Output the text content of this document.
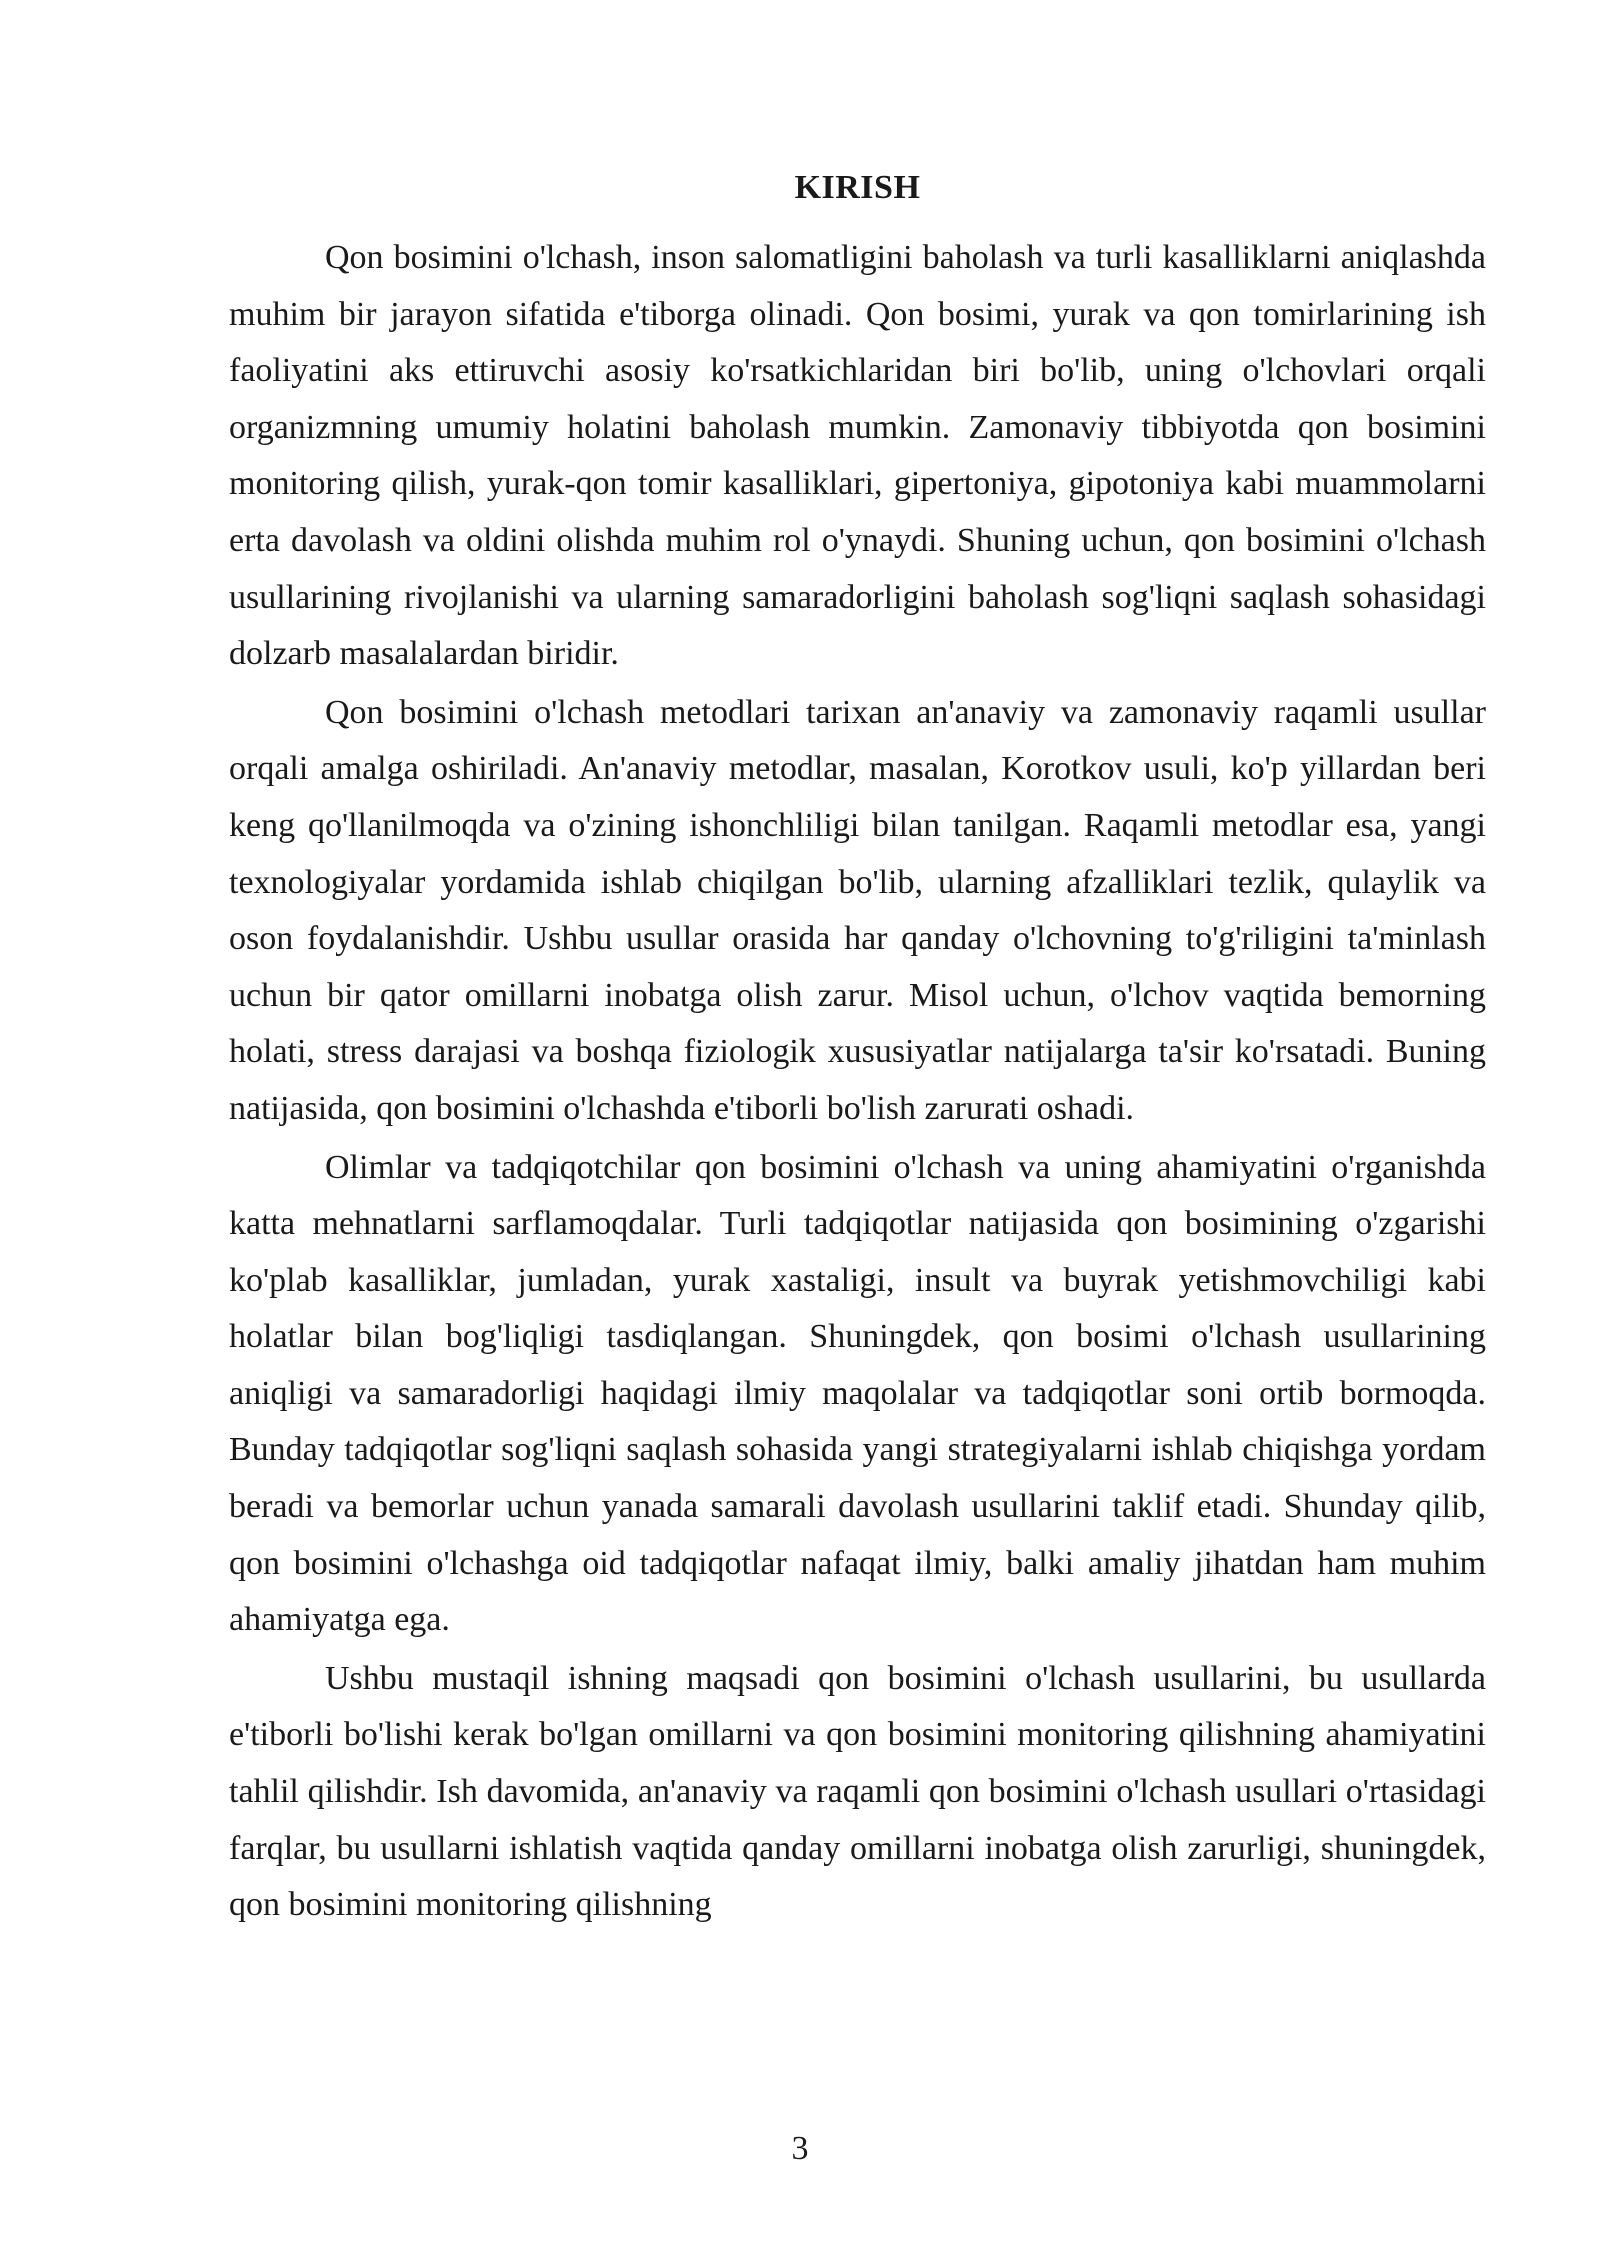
KIRISH

Qon bosimini o'lchash, inson salomatligini baholash va turli kasalliklarni aniqlashda muhim bir jarayon sifatida e'tiborga olinadi. Qon bosimi, yurak va qon tomirlarining ish faoliyatini aks ettiruvchi asosiy ko'rsatkichlaridan biri bo'lib, uning o'lchovlari orqali organizmning umumiy holatini baholash mumkin. Zamonaviy tibbiyotda qon bosimini monitoring qilish, yurak-qon tomir kasalliklari, gipertoniya, gipotoniya kabi muammolarni erta davolash va oldini olishda muhim rol o'ynaydi. Shuning uchun, qon bosimini o'lchash usullarining rivojlanishi va ularning samaradorligini baholash sog'liqni saqlash sohasidagi dolzarb masalalardan biridir.

Qon bosimini o'lchash metodlari tarixan an'anaviy va zamonaviy raqamli usullar orqali amalga oshiriladi. An'anaviy metodlar, masalan, Korotkov usuli, ko'p yillardan beri keng qo'llanilmoqda va o'zining ishonchliligi bilan tanilgan. Raqamli metodlar esa, yangi texnologiyalar yordamida ishlab chiqilgan bo'lib, ularning afzalliklari tezlik, qulaylik va oson foydalanishdir. Ushbu usullar orasida har qanday o'lchovning to'g'riligini ta'minlash uchun bir qator omillarni inobatga olish zarur. Misol uchun, o'lchov vaqtida bemorning holati, stress darajasi va boshqa fiziologik xususiyatlar natijalarga ta'sir ko'rsatadi. Buning natijasida, qon bosimini o'lchashda e'tiborli bo'lish zarurati oshadi.

Olimlar va tadqiqotchilar qon bosimini o'lchash va uning ahamiyatini o'rganishda katta mehnatlarni sarflamoqdalar. Turli tadqiqotlar natijasida qon bosimining o'zgarishi ko'plab kasalliklar, jumladan, yurak xastaligi, insult va buyrak yetishmovchiligi kabi holatlar bilan bog'liqligi tasdiqlangan. Shuningdek, qon bosimi o'lchash usullarining aniqligi va samaradorligi haqidagi ilmiy maqolalar va tadqiqotlar soni ortib bormoqda. Bunday tadqiqotlar sog'liqni saqlash sohasida yangi strategiyalarni ishlab chiqishga yordam beradi va bemorlar uchun yanada samarali davolash usullarini taklif etadi. Shunday qilib, qon bosimini o'lchashga oid tadqiqotlar nafaqat ilmiy, balki amaliy jihatdan ham muhim ahamiyatga ega.

Ushbu mustaqil ishning maqsadi qon bosimini o'lchash usullarini, bu usullarda e'tiborli bo'lishi kerak bo'lgan omillarni va qon bosimini monitoring qilishning ahamiyatini tahlil qilishdir. Ish davomida, an'anaviy va raqamli qon bosimini o'lchash usullari o'rtasidagi farqlar, bu usullarni ishlatish vaqtida qanday omillarni inobatga olish zarurligi, shuningdek, qon bosimini monitoring qilishning

3
